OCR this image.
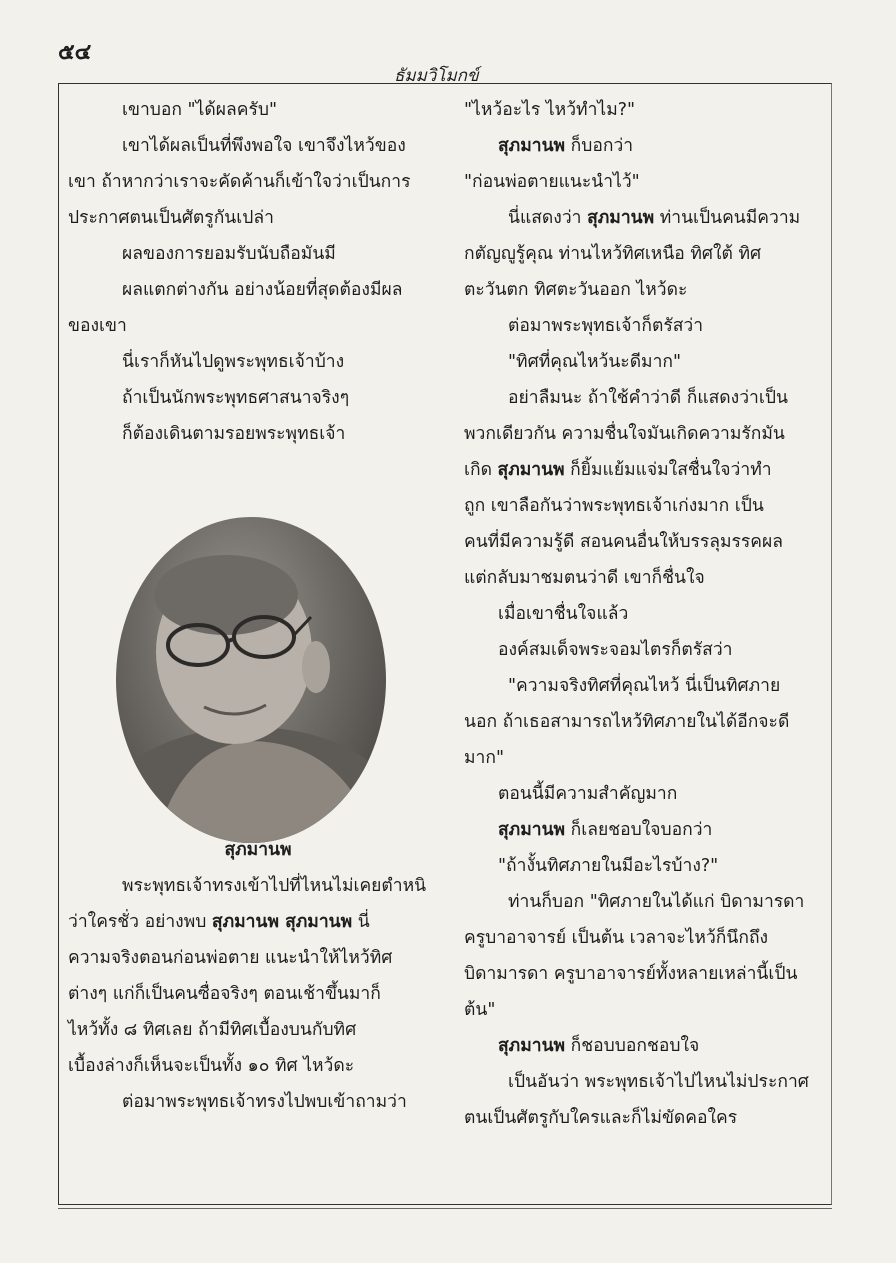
๕๔
ธัมมวิโมกข์
เขาบอก "ได้ผลครับ"
เขาได้ผลเป็นที่พึงพอใจ เขาจึงไหว้ของ
เขา ถ้าหากว่าเราจะคัดค้านก็เข้าใจว่าเป็นการ
ประกาศตนเป็นศัตรูกันเปล่า
ผลของการยอมรับนับถือมันมี
ผลแตกต่างกัน อย่างน้อยที่สุดต้องมีผล
ของเขา
นี่เราก็หันไปดูพระพุทธเจ้าบ้าง
ถ้าเป็นนักพระพุทธศาสนาจริงๆ
ก็ต้องเดินตามรอยพระพุทธเจ้า
สุภมานพ
พระพุทธเจ้าทรงเข้าไปที่ไหนไม่เคยตำหนิ
ว่าใครชั่ว อย่างพบ สุภมานพ สุภมานพ นี่
ความจริงตอนก่อนพ่อตาย แนะนำให้ไหว้ทิศ
ต่างๆ แก่ก็เป็นคนซื่อจริงๆ ตอนเช้าขึ้นมาก็
ไหว้ทั้ง ๘ ทิศเลย ถ้ามีทิศเบื้องบนกับทิศ
เบื้องล่างก็เห็นจะเป็นทั้ง ๑๐ ทิศ ไหว้ดะ
ต่อมาพระพุทธเจ้าทรงไปพบเข้าถามว่า
"ไหว้อะไร ไหว้ทำไม?"
สุภมานพ ก็บอกว่า
"ก่อนพ่อตายแนะนำไว้"
นี่แสดงว่า สุภมานพ ท่านเป็นคนมีความ
กตัญญูรู้คุณ ท่านไหว้ทิศเหนือ ทิศใต้ ทิศ
ตะวันตก ทิศตะวันออก ไหว้ดะ
ต่อมาพระพุทธเจ้าก็ตรัสว่า
"ทิศที่คุณไหว้นะดีมาก"
อย่าลืมนะ ถ้าใช้คำว่าดี ก็แสดงว่าเป็น
พวกเดียวกัน ความชื่นใจมันเกิดความรักมัน
เกิด สุภมานพ ก็ยิ้มแย้มแจ่มใสชื่นใจว่าทำ
ถูก เขาลือกันว่าพระพุทธเจ้าเก่งมาก เป็น
คนที่มีความรู้ดี สอนคนอื่นให้บรรลุมรรคผล
แต่กลับมาชมตนว่าดี เขาก็ชื่นใจ
เมื่อเขาชื่นใจแล้ว
องค์สมเด็จพระจอมไตรก็ตรัสว่า
"ความจริงทิศที่คุณไหว้ นี่เป็นทิศภาย
นอก ถ้าเธอสามารถไหว้ทิศภายในได้อีกจะดี
มาก"
ตอนนี้มีความสำคัญมาก
สุภมานพ ก็เลยชอบใจบอกว่า
"ถ้างั้นทิศภายในมีอะไรบ้าง?"
ท่านก็บอก "ทิศภายในได้แก่ บิดามารดา
ครูบาอาจารย์ เป็นต้น เวลาจะไหว้ก็นึกถึง
บิดามารดา ครูบาอาจารย์ทั้งหลายเหล่านี้เป็น
ต้น"
สุภมานพ ก็ชอบบอกชอบใจ
เป็นอันว่า พระพุทธเจ้าไปไหนไม่ประกาศ
ตนเป็นศัตรูกับใครและก็ไม่ขัดคอใคร
